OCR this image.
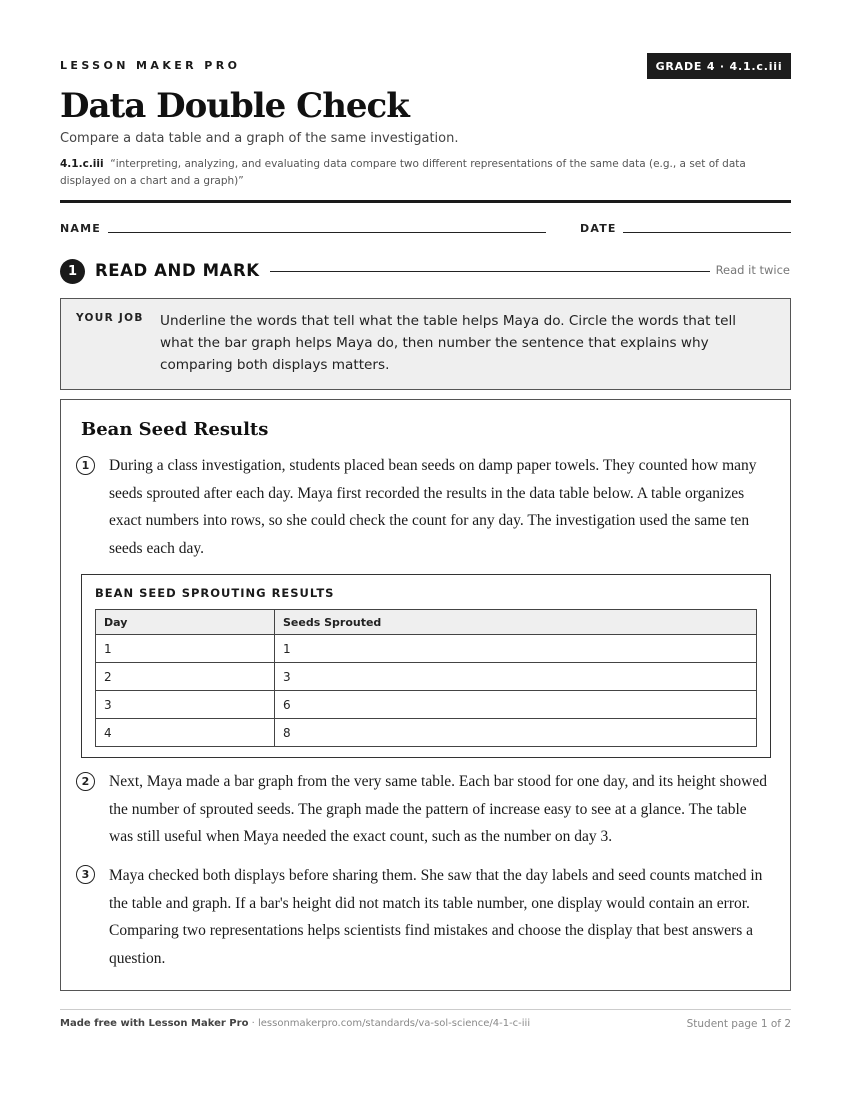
LESSON MAKER PRO	GRADE 4 · 4.1.c.iii
Data Double Check
Compare a data table and a graph of the same investigation.
4.1.c.iii “interpreting, analyzing, and evaluating data compare two different representations of the same data (e.g., a set of data displayed on a chart and a graph)”
NAME	DATE
1	READ AND MARK	Read it twice
YOUR JOB Underline the words that tell what the table helps Maya do. Circle the words that tell what the bar graph helps Maya do, then number the sentence that explains why comparing both displays matters.
Bean Seed Results
1	During a class investigation, students placed bean seeds on damp paper towels. They counted how many seeds sprouted after each day. Maya first recorded the results in the data table below. A table organizes exact numbers into rows, so she could check the count for any day. The investigation used the same ten seeds each day.
BEAN SEED SPROUTING RESULTS
Day	Seeds Sprouted
1	1
2	3
3	6
4	8
2	Next, Maya made a bar graph from the very same table. Each bar stood for one day, and its height showed the number of sprouted seeds. The graph made the pattern of increase easy to see at a glance. The table was still useful when Maya needed the exact count, such as the number on day 3.
3	Maya checked both displays before sharing them. She saw that the day labels and seed counts matched in the table and graph. If a bar's height did not match its table number, one display would contain an error. Comparing two representations helps scientists find mistakes and choose the display that best answers a question.
Made free with Lesson Maker Pro · lessonmakerpro.com/standards/va-sol-science/4-1-c-iii	Student page 1 of 2
